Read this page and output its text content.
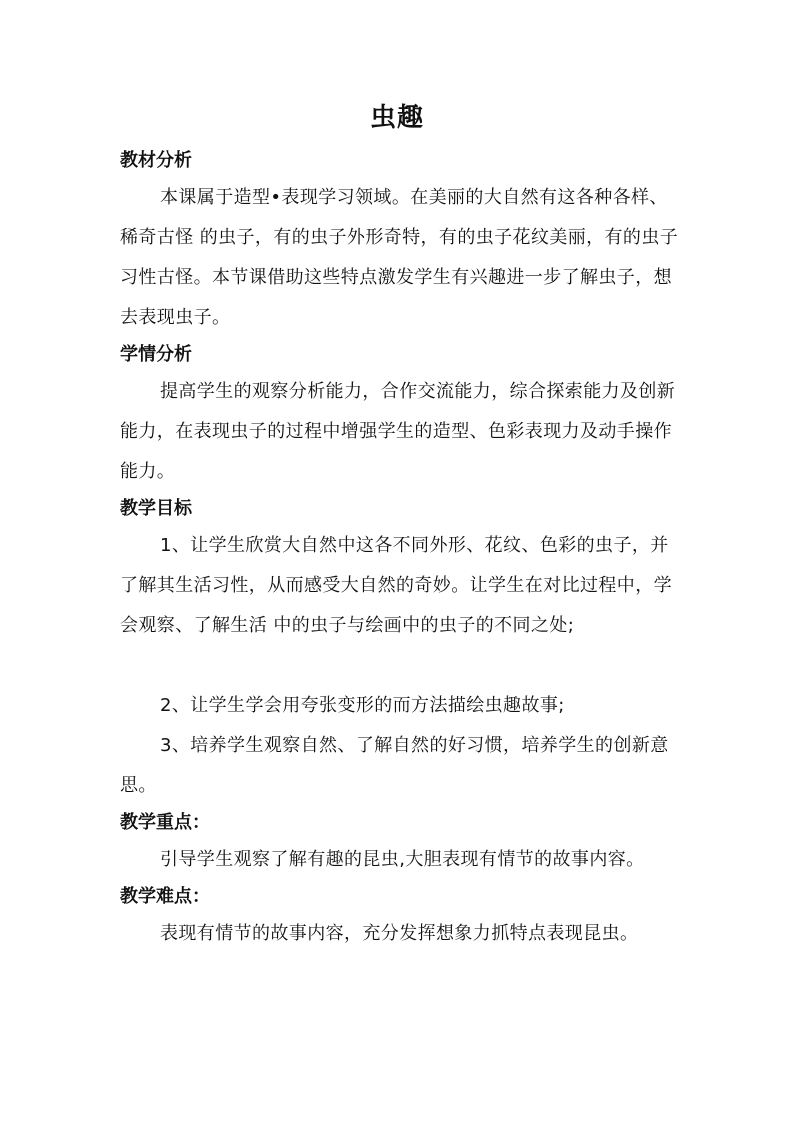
虫趣
教材分析

本课属于造型•表现学习领域。在美丽的大自然有这各种各样、稀奇古怪 的虫子，有的虫子外形奇特，有的虫子花纹美丽，有的虫子习性古怪。本节课借助这些特点激发学生有兴趣进一步了解虫子，想去表现虫子。

学情分析

提高学生的观察分析能力，合作交流能力，综合探索能力及创新能力，在表现虫子的过程中增强学生的造型、色彩表现力及动手操作能力。

教学目标

1、让学生欣赏大自然中这各不同外形、花纹、色彩的虫子，并了解其生活习性，从而感受大自然的奇妙。让学生在对比过程中，学会观察、了解生活 中的虫子与绘画中的虫子的不同之处;

2、让学生学会用夸张变形的而方法描绘虫趣故事;

3、培养学生观察自然、了解自然的好习惯，培养学生的创新意思。

教学重点：

引导学生观察了解有趣的昆虫,大胆表现有情节的故事内容。

教学难点：

表现有情节的故事内容，充分发挥想象力抓特点表现昆虫。
